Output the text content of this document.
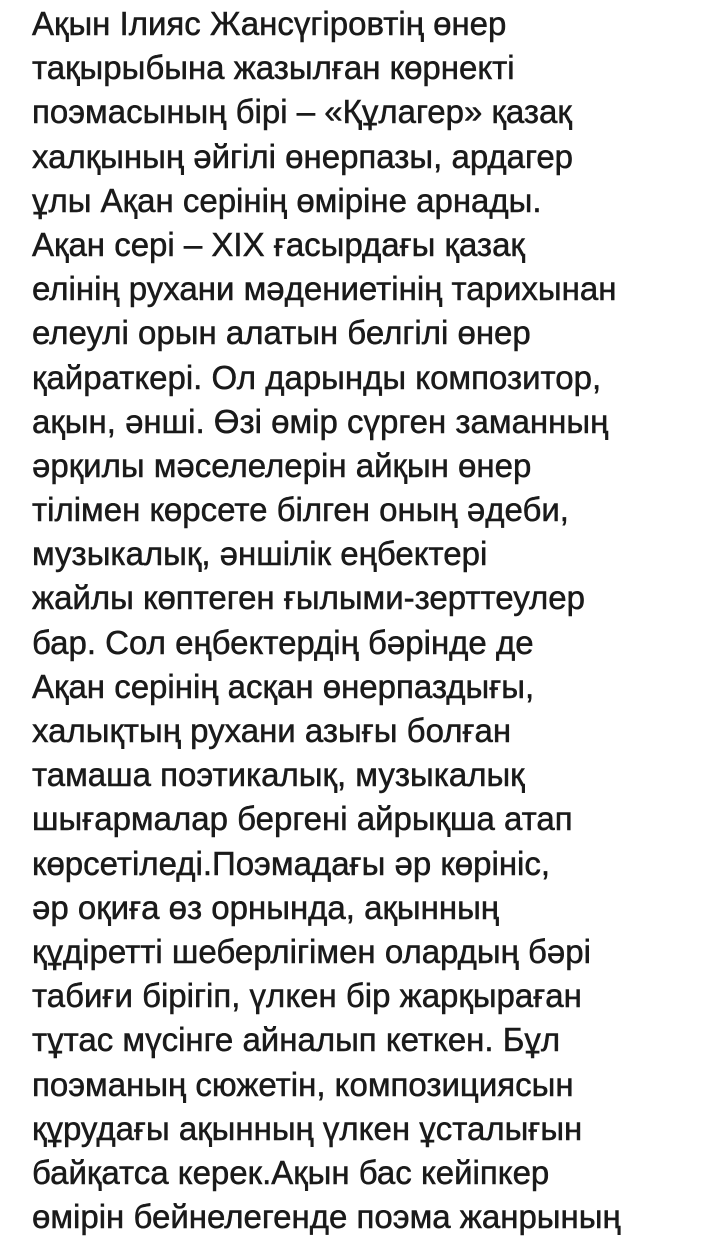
Ақын Ілияс Жансүгіровтің өнер
тақырыбына жазылған көрнекті
поэмасының бірі – «Құлагер» қазақ
халқының әйгілі өнерпазы, ардагер
ұлы Ақан серінің өміріне арнады.
Ақан сері – XIX ғасырдағы қазақ
елінің рухани мәдениетінің тарихынан
елеулі орын алатын белгілі өнер
қайраткері. Ол дарынды композитор,
ақын, әнші. Өзі өмір сүрген заманның
әрқилы мәселелерін айқын өнер
тілімен көрсете білген оның әдеби,
музыкалық, әншілік еңбектері
жайлы көптеген ғылыми-зерттеулер
бар. Сол еңбектердің бәрінде де
Ақан серінің асқан өнерпаздығы,
халықтың рухани азығы болған
тамаша поэтикалық, музыкалық
шығармалар бергені айрықша атап
көрсетіледі.Поэмадағы әр көрініс,
әр оқиға өз орнында, ақынның
құдіретті шеберлігімен олардың бәрі
табиғи бірігіп, үлкен бір жарқыраған
тұтас мүсінге айналып кеткен. Бұл
поэманың сюжетін, композициясын
құрудағы ақынның үлкен ұсталығын
байқатса керек.Ақын бас кейіпкер
өмірін бейнелегенде поэма жанрының
